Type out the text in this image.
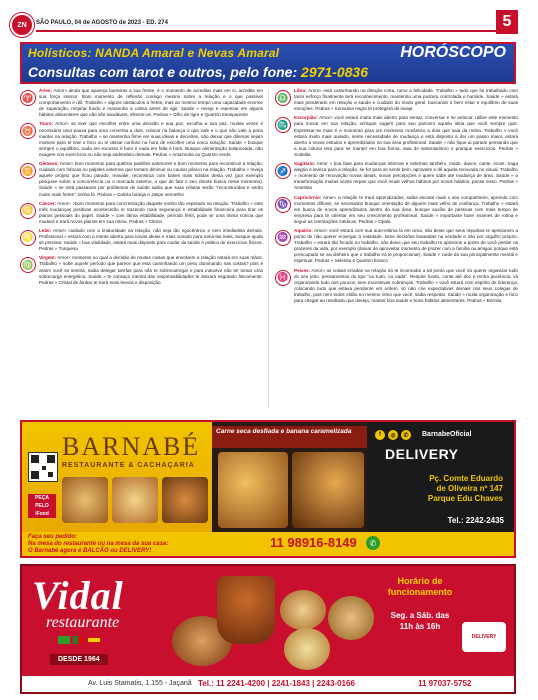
ZN	SÃO PAULO, 04 de AGOSTO de 2023 - ED. 274	5
Holísticos: NANDA Amaral e Nevas Amaral	HORÓSCOPO
Consultas com tarot e outros, pelo fone: 2971-0836
♈
Áries: Amor» ainda que apareça barreiras a sua frente, é o momento de acreditar mais em si, acredite em sua força interior. Bom momento de reflexão consigo mesmo sobre a relação e o que possível comportamento é útil. Trabalho » alguns obstáculos à frente, mas ao mesmo tempo uma capacidade enorme de superação, respirar fundo e mantenha a calma antes de agir. Saúde » reveja e repensar em alguns hábitos alimentares que não são saudáveis, elimine-os. Pedras » Olho de tigre e Quartzo transparente
♉
Touro: Amor» se tiver que escolher entre uma decisão e sua paz, escolha a sua paz, muitas vezes é necessário uma pausa para uma conversa a dois, colocar na balança o que vale e o que não vale a pena manter na relação. Trabalho » se mantenha firme em suas ideias e decisões, não deixar que dilemas sejam motivos para te tirar o foco ou te deixar confuso na hora de escolher uma única solução. Saúde » busque sempre o equilíbrio, nada em excesso é bom e nada em falta é bom. Busque alimentação balanceada, não exagere nos exercícios ou não seja sedentário demais. Pedras » Amazonita ou Quartzo verde
♊
Gêmeos: Amor» bom momento para quebrar padrões anteriores e bom momento para reconstruir a relação, cuidado com fofocas ou palpites externos que tentam diminuir ou causar pânico na relação. Trabalho » reveja aquele projeto que ficou parado, reavalie, reconstrua com bases mais sólidas desta vez (por exemplo pesquise sobre a concorrência ou o mercado externo, o que de fato o seu cliente busca neste momento). Saúde » se está passando por problemas de saúde saiba que suas células serão "reconstruídas e serão muito mais fortes", tenha fé. Pedras » Calcita laranja e Jaspe vermelho
♋
Câncer: Amor» »bom momento para concretização daquele sonho tão esperado na relação. Trabalho » este mês mudanças positivas acontecerão te trazendo mais segurança e estabilidade financeira para tirar os planos pessoais do papel. Saúde » com ótima estabilidade, período fértil, pode vir uma ótima notícia que mudará e trará novos planos em sua rotina. Pedras » Citrino
♌
Leão: Amor» cuidado com a imaturidade na relação, não seja tão egocêntrico e nem imediatista demais. Profissional » estará com a mente aberta para novas ideias e mais ousado para tomá-las reais, busque ajuda se precisar. Saúde » boa vitalidade, estará mais disposto para cuidar da saúde e prática de exercícios físicos. Pedras » Turquesa
♍
Virgem: Amor» momento no qual a decisão de muitas coisas que envolvem a relação estará em suas mãos. Trabalho » sobe aquele período que parece que está caminhando um peso dominando nas costas? pois é assim você se sentirá, saiba delegar tarefas para não te sobrecarregar e para induvive não ter tomar uma sobrecarga energética. Saúde » te cansaço mental das responsabilidades te deixará esgotado fisicamente. Pedras » Cristal de âmbar te trará mais leveza e disposição.
♎
Libra: Amor» está caminhando na direção certa, rumo a felicidade. Trabalho » tudo que foi trabalhado com tanto esforço finalmente terá reconhecimento, mantenha uma postura controlada e humilde. Saúde » estará mais ponderado em relação a saúde e cuidado do modo geral, buscando o bem estar e equilíbrio de suas emoções. Pedras » turmalina negra te protegerá de inveja
♏
Escorpião: Amor» você estará muito mais aberto para sentar, conversar e se arriscar, utilize este momento para inovar em sua relação, arrisque sugerir para seu parceiro aquela ideia que você sempre quis. Expressar-se mais é o momento para um momento romântico a dois que saia da rotina. Trabalho » você estará muito mais ousado, sente necessidade de mudança e está disposto a dar um passo maior, estará aberto a novos estudos e aprendizados na sua área profissional. Saúde » não fique ai parado pensando que a sua coluna terá para se manter em boa forma, saia do sedentarismo e pratique exercícios. Pedras » Sodalita
♐
Sagitário: Amor » boa fase para mudanças internas e externas também, mude, dance, cante, inove, traga alegria e leveza para a relação, se for para se sentir bem, aproveite e dê aquela renovada no visual. Trabalho » momento de renovação novas ideias, novas percepções e quem sabe até mudança de área. Saúde » a transformação muitas vezes requer que você mude velhos hábitos por novos hábitos, pense nisso. Pedras » Ametista
♑
Capricórnio: Amor» a relação te trará aprendizados, saiba escutar mais o seu companheiro, aprenda com momentos difíceis, se necessário busque orientação de alguém mais velho de confiança. Trabalho » estará em busca de novos aprendizados dentro da sua área, busque auxílio de pessoas com mais tempo de empresa para te orientar em seu crescimento profissional. Saúde » importante fazer exames de rotina e seguir as orientações médicas. Pedras » Opala
♒
Aquário: Amor» você estará com sua auto-estima lá em cima, não deixe que seus impulsos te aprisionem a ponto de não querer enxergar a realidade, tome decisões baseadas na verdade e não por orgulho próprio. Trabalho » estará tão focado no trabalho, não deixe que seu trabalho te aprisione a ponto de você perder os prazeres da vida, por exemplo (deixar de aproveitar momento de prazer com a família ou amigos porque está preocupado se vai dinheiro que o trabalho irá te proporcionar). Saúde » cuide da sua principalmente mental e espiritual. Pedras » Selenita e Quartzo branco
♓
Peixes: Amor» as coisas erradas na relação irá te incomodar a tal ponto que você irá querer organizar tudo do seu jeito, pensamentos do tipo "ou tudo, ou nada". Respire fundo, conte até dez e tenha paciência, vá organizando tudo aos poucos, sem excessivas cobranças. Trabalho » você estará com espírito de liderança, colocando tudo que estava pendente em ordem, só não crie expectativas demais nos seus colegas de trabalho, pois nem todos estão no mesmo ritmo que você, saiba respeitar. Saúde » muita organização e foco para chegar ao resultado que deseja, manter boa saúde e bons hábitos alimentares. Pedras » Bornita
BARNABÉ
RESTAURANTE & CACHAÇARIA
PEÇA PELO iFood
Carne seca desfiada e banana caramelizada	f	◎	✆	BarnabeOficial
DELIVERY
Pç. Comte Eduardo
de Oliveira nº 147
Parque Edu Chaves
Tel.: 2242-2435
Faça seu pedido:
Na mesa do restaurante ou na mesa da sua casa:
O Barnabé agora é BALCÃO ou DELIVERY!
11 98916-8149	✆
Vidal
restaurante
DESDE 1964
Horário de
funcionamento
Seg. a Sáb. das
11h às 16h
DELIVERY
Av. Luis Stamatis, 1.155 - Jaçanã Tel.: 11 2241-4200 | 2241-1843 | 2243-0166	11 97037-5752
